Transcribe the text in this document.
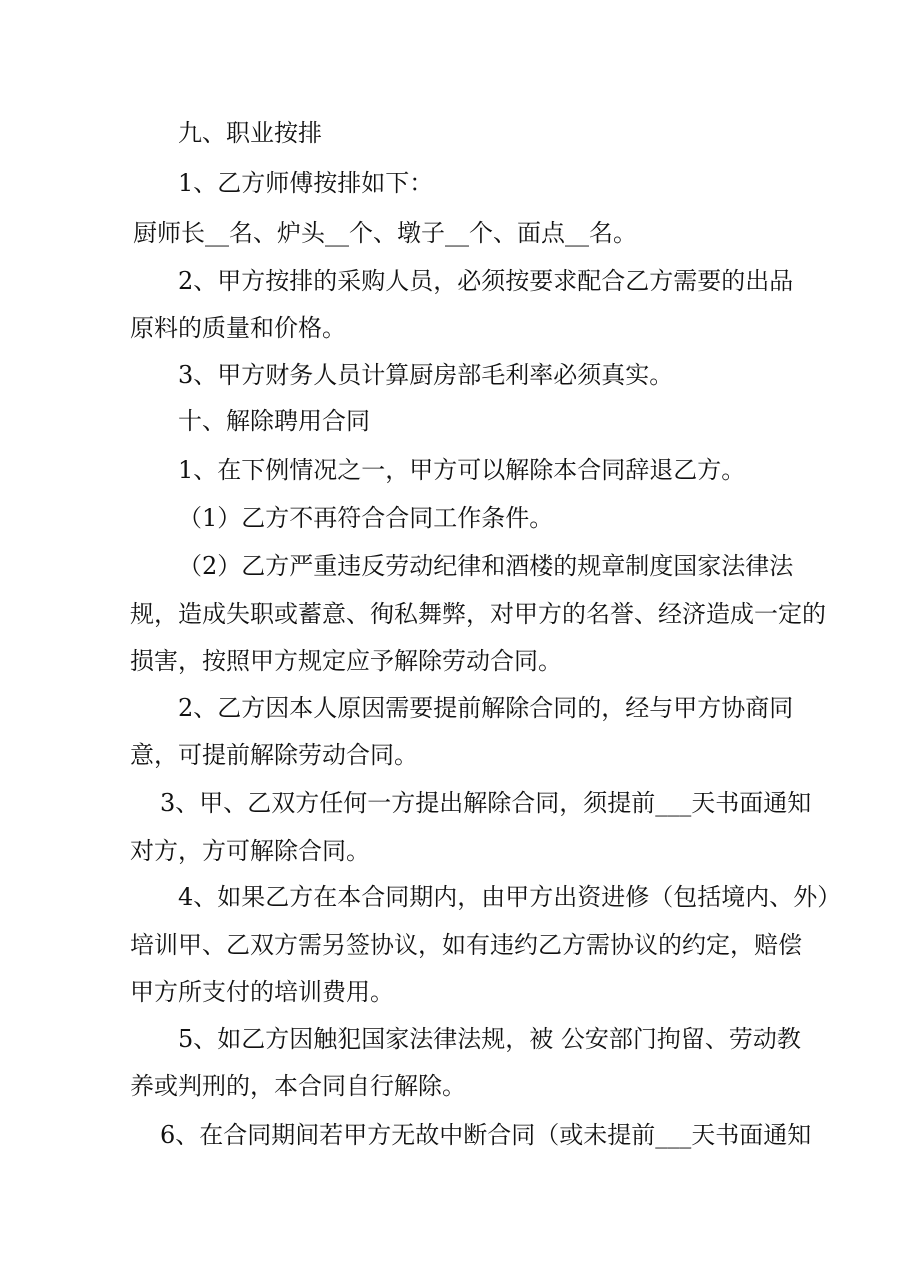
九、职业按排
1、乙方师傅按排如下：
厨师长__名、炉头__个、墩子__个、面点__名。
2、甲方按排的采购人员，必须按要求配合乙方需要的出品
原料的质量和价格。
3、甲方财务人员计算厨房部毛利率必须真实。
十、解除聘用合同
1、在下例情况之一，甲方可以解除本合同辞退乙方。
（1）乙方不再符合合同工作条件。
（2）乙方严重违反劳动纪律和酒楼的规章制度国家法律法
规，造成失职或蓄意、徇私舞弊，对甲方的名誉、经济造成一定的
损害，按照甲方规定应予解除劳动合同。
2、乙方因本人原因需要提前解除合同的，经与甲方协商同
意，可提前解除劳动合同。
3、甲、乙双方任何一方提出解除合同，须提前___天书面通知
对方，方可解除合同。
4、如果乙方在本合同期内，由甲方出资进修（包括境内、外）
培训甲、乙双方需另签协议，如有违约乙方需协议的约定，赔偿
甲方所支付的培训费用。
5、如乙方因触犯国家法律法规，被 公安部门拘留、劳动教
养或判刑的，本合同自行解除。
6、在合同期间若甲方无故中断合同（或未提前___天书面通知
